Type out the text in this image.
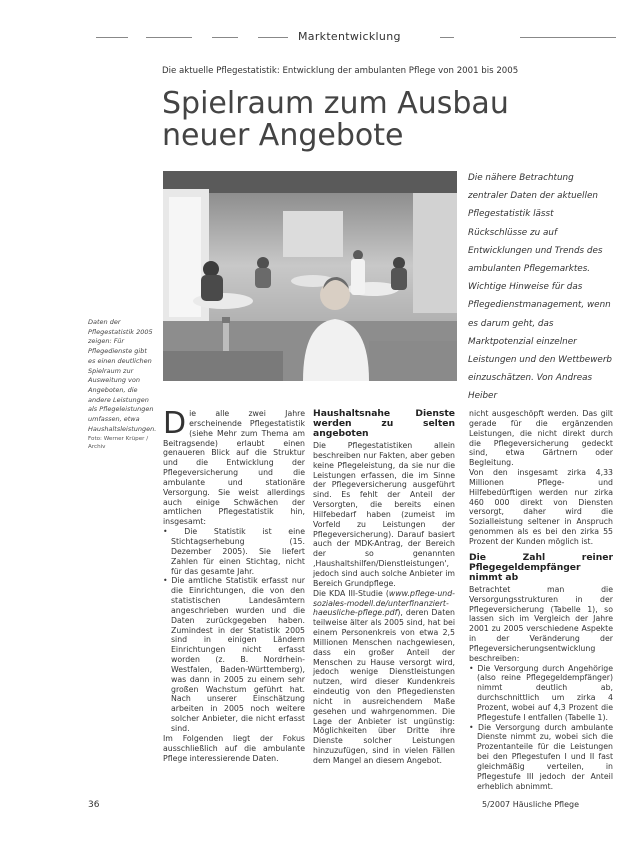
Marktentwicklung
Die aktuelle Pflegestatistik: Entwicklung der ambulanten Pflege von 2001 bis 2005
Spielraum zum Ausbau
neuer Angebote
Die nähere Betrachtung zentraler Daten der aktuellen Pflegestatistik lässt Rückschlüsse zu auf Entwicklungen und Trends des ambulanten Pflegemarktes. Wichtige Hinweise für das Pflegedienstmanagement, wenn es darum geht, das Marktpotenzial einzelner Leistungen und den Wettbewerb einzuschätzen. Von Andreas Heiber
Daten der Pflegestatistik 2005 zeigen: Für Pflegedienste gibt es einen deutlichen Spielraum zur Ausweitung von Angeboten, die andere Leistungen als Pflegeleistungen umfassen, etwa Haushaltsleistungen.
Foto: Werner Krüper / Archiv

Die alle zwei Jahre erscheinende Pflegestatistik (siehe Mehr zum Thema am Beitragsende) erlaubt einen genaueren Blick auf die Struktur und die Entwicklung der Pflegeversicherung und die ambulante und stationäre Versorgung. Sie weist allerdings auch einige Schwächen der amtlichen Pflegestatistik hin, insgesamt:

• Die Statistik ist eine Stichtagserhebung (15. Dezember 2005). Sie liefert Zahlen für einen Stichtag, nicht für das gesamte Jahr.

• Die amtliche Statistik erfasst nur die Einrichtungen, die von den statistischen Landesämtern angeschrieben wurden und die Daten zurückgegeben haben. Zumindest in der Statistik 2005 sind in einigen Ländern Einrichtungen nicht erfasst worden (z. B. Nordrhein-Westfalen, Baden-Württemberg), was dann in 2005 zu einem sehr großen Wachstum geführt hat. Nach unserer Einschätzung arbeiten in 2005 noch weitere solcher Anbieter, die nicht erfasst sind.

Im Folgenden liegt der Fokus ausschließlich auf die ambulante Pflege interessierende Daten.

Haushaltsnahe Dienste werden zu selten angeboten

Die Pflegestatistiken allein beschreiben nur Fakten, aber geben keine Pflegeleistung, da sie nur die Leistungen erfassen, die im Sinne der Pflegeversicherung ausgeführt sind. Es fehlt der Anteil der Versorgten, die bereits einen Hilfebedarf haben (zumeist im Vorfeld zu Leistungen der Pflegeversicherung). Darauf basiert auch der MDK-Antrag, der Bereich der so genannten ‚Haushaltshilfen/Dienstleistungen', jedoch sind auch solche Anbieter im Bereich Grundpflege.

Die KDA III-Studie (www.pflege-und-soziales-modell.de/unterfinanziert-haeusliche-pflege.pdf), deren Daten teilweise älter als 2005 sind, hat bei einem Personenkreis von etwa 2,5 Millionen Menschen nachgewiesen, dass ein großer Anteil der Menschen zu Hause versorgt wird, jedoch wenige Dienstleistungen nutzen, wird dieser Kundenkreis eindeutig von den Pflegediensten nicht in ausreichendem Maße gesehen und wahrgenommen. Die Lage der Anbieter ist ungünstig: Möglichkeiten über Dritte ihre Dienste solcher Leistungen hinzuzufügen, sind in vielen Fällen dem Mangel an diesem Angebot.

nicht ausgeschöpft werden. Das gilt gerade für die ergänzenden Leistungen, die nicht direkt durch die Pflegeversicherung gedeckt sind, etwa Gärtnern oder Begleitung.

Von den insgesamt zirka 4,33 Millionen Pflege- und Hilfebedürftigen werden nur zirka 460 000 direkt von Diensten versorgt, daher wird die Sozialleistung seltener in Anspruch genommen als es bei den zirka 55 Prozent der Kunden möglich ist.

Die Zahl reiner Pflegegeldempfänger nimmt ab

Betrachtet man die Versorgungsstrukturen in der Pflegeversicherung (Tabelle 1), so lassen sich im Vergleich der Jahre 2001 zu 2005 verschiedene Aspekte in der Veränderung der Pflegeversicherungsentwicklung beschreiben:

• Die Versorgung durch Angehörige (also reine Pflegegeldempfänger) nimmt deutlich ab, durchschnittlich um zirka 4 Prozent, wobei auf 4,3 Prozent die Pflegestufe I entfallen (Tabelle 1).

• Die Versorgung durch ambulante Dienste nimmt zu, wobei sich die Prozentanteile für die Leistungen bei den Pflegestufen I und II fast gleichmäßig verteilen, in Pflegestufe III jedoch der Anteil erheblich abnimmt.

36	5/2007 Häusliche Pflege
